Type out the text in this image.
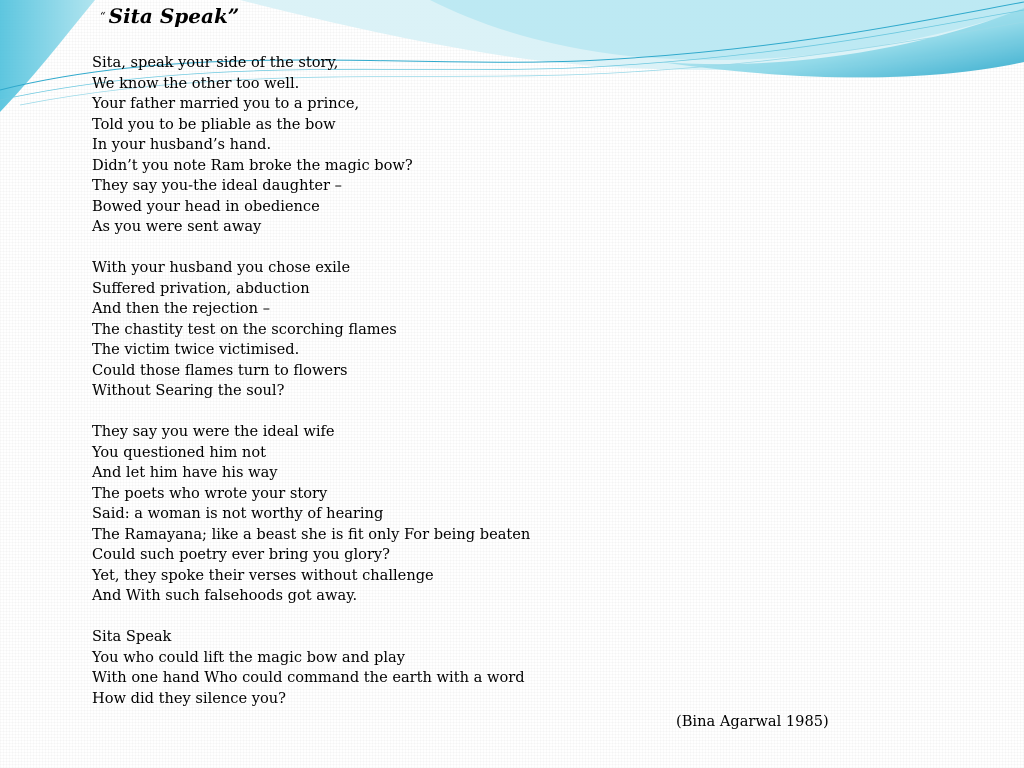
“ Sita Speak”
Sita, speak your side of the story,
We know the other too well.
Your father married you to a prince,
Told you to be pliable as the bow
In your husband’s hand.
Didn’t you note Ram broke the magic bow?
They say you-the ideal daughter –
Bowed your head in obedience
As you were sent away
With your husband you chose exile
Suffered privation, abduction
And then the rejection –
The chastity test on the scorching flames
The victim twice victimised.
Could those flames turn to flowers
Without Searing the soul?
They say you were the ideal wife
You questioned him not
And let him have his way
The poets who wrote your story
Said: a woman is not worthy of hearing
The Ramayana; like a beast she is fit only For being beaten
Could such poetry ever bring you glory?
Yet, they spoke their verses without challenge
And With such falsehoods got away.
Sita Speak
You who could lift the magic bow and play
With one hand Who could command the earth with a word
How did they silence you?
(Bina Agarwal 1985)
